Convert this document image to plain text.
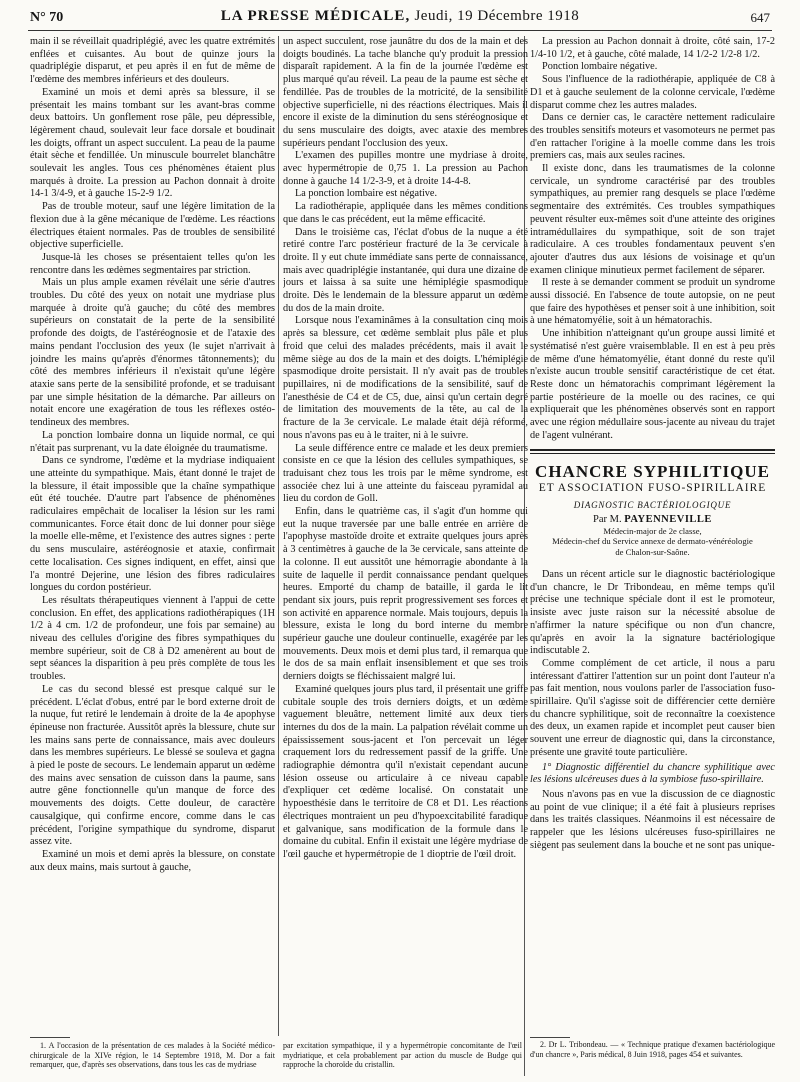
N° 70	LA PRESSE MÉDICALE, Jeudi, 19 Décembre 1918	647

main il se réveillait quadriplégié, avec les quatre extrémités enflées et cuisantes. Au bout de quinze jours la quadriplégie disparut, et peu après il en fut de même de l'œdème des membres inférieurs et des douleurs.

Examiné un mois et demi après sa blessure, il se présentait les mains tombant sur les avant-bras comme deux battoirs. Un gonflement rose pâle, peu dépressible, légèrement chaud, soulevait leur face dorsale et boudinait les doigts, offrant un aspect succulent. La peau de la paume était sèche et fendillée. Un minuscule bourrelet blanchâtre soulevait les angles. Tous ces phénomènes étaient plus marqués à droite. La pression au Pachon donnait à droite 14-1 3/4-9, et à gauche 15-2-9 1/2.

Pas de trouble moteur, sauf une légère limitation de la flexion due à la gêne mécanique de l'œdème. Les réactions électriques étaient normales. Pas de troubles de sensibilité objective superficielle.

Jusque-là les choses se présentaient telles qu'on les rencontre dans les œdèmes segmentaires par striction.

Mais un plus ample examen révélait une série d'autres troubles. Du côté des yeux on notait une mydriase plus marquée à droite qu'à gauche; du côté des membres supérieurs on constatait de la perte de la sensibilité profonde des doigts, de l'astéréognosie et de l'ataxie des mains pendant l'occlusion des yeux (le sujet n'arrivait à joindre les mains qu'après d'énormes tâtonnements); du côté des membres inférieurs il n'existait qu'une légère ataxie sans perte de la sensibilité profonde, et se traduisant par une simple hésitation de la démarche. Par ailleurs on notait encore une exagération de tous les réflexes ostéo-tendineux des membres.

La ponction lombaire donna un liquide normal, ce qui n'était pas surprenant, vu la date éloignée du traumatisme.

Dans ce syndrome, l'œdème et la mydriase indiquaient une atteinte du sympathique. Mais, étant donné le trajet de la blessure, il était impossible que la chaîne sympathique eût été touchée. D'autre part l'absence de phénomènes radiculaires empêchait de localiser la lésion sur les rami communicantes. Force était donc de lui donner pour siège la moelle elle-même, et l'existence des autres signes : perte du sens musculaire, astéréognosie et ataxie, confirmait cette localisation. Ces signes indiquent, en effet, ainsi que l'a montré Dejerine, une lésion des fibres radiculaires longues du cordon postérieur.

Les résultats thérapeutiques viennent à l'appui de cette conclusion. En effet, des applications radiothérapiques (1H 1/2 à 4 cm. 1/2 de profondeur, une fois par semaine) au niveau des cellules d'origine des fibres sympathiques du membre supérieur, soit de C8 à D2 amenèrent au bout de sept séances la disparition à peu près complète de tous les troubles.

Le cas du second blessé est presque calqué sur le précédent. L'éclat d'obus, entré par le bord externe droit de la nuque, fut retiré le lendemain à droite de la 4e apophyse épineuse non fracturée. Aussitôt après la blessure, chute sur les mains sans perte de connaissance, mais avec douleurs dans les membres supérieurs. Le blessé se souleva et gagna à pied le poste de secours. Le lendemain apparut un œdème des mains avec sensation de cuisson dans la paume, sans autre gêne fonctionnelle qu'un manque de force des mouvements des doigts. Cette douleur, de caractère causalgique, qui confirme encore, comme dans le cas précédent, l'origine sympathique du syndrome, disparut assez vite.

Examiné un mois et demi après la blessure, on constate aux deux mains, mais surtout à gauche,

un aspect succulent, rose jaunâtre du dos de la main et des doigts boudinés. La tache blanche qu'y produit la pression disparaît rapidement. A la fin de la journée l'œdème est plus marqué qu'au réveil. La peau de la paume est sèche et fendillée. Pas de troubles de la motricité, de la sensibilité objective superficielle, ni des réactions électriques. Mais il encore il existe de la diminution du sens stéréognosique et du sens musculaire des doigts, avec ataxie des membres supérieurs pendant l'occlusion des yeux.

L'examen des pupilles montre une mydriase à droite, avec hypermétropie de 0,75 1. La pression au Pachon donne à gauche 14 1/2-3-9, et à droite 14-4-8.

La ponction lombaire est négative.

La radiothérapie, appliquée dans les mêmes conditions que dans le cas précédent, eut la même efficacité.

Dans le troisième cas, l'éclat d'obus de la nuque a été retiré contre l'arc postérieur fracturé de la 3e cervicale à droite. Il y eut chute immédiate sans perte de connaissance, mais avec quadriplégie instantanée, qui dura une dizaine de jours et laissa à sa suite une hémiplégie spasmodique droite. Dès le lendemain de la blessure apparut un œdème du dos de la main droite.

Lorsque nous l'examinâmes à la consultation cinq mois après sa blessure, cet œdème semblait plus pâle et plus froid que celui des malades précédents, mais il avait le même siège au dos de la main et des doigts. L'hémiplégie spasmodique droite persistait. Il n'y avait pas de troubles pupillaires, ni de modifications de la sensibilité, sauf de l'anesthésie de C4 et de C5, due, ainsi qu'un certain degré de limitation des mouvements de la tête, au cal de la fracture de la 3e cervicale. Le malade était déjà réformé, nous n'avons pas eu à le traiter, ni à le suivre.

La seule différence entre ce malade et les deux premiers consiste en ce que la lésion des cellules sympathiques, se traduisant chez tous les trois par le même syndrome, est associée chez lui à une atteinte du faisceau pyramidal au lieu du cordon de Goll.

Enfin, dans le quatrième cas, il s'agit d'un homme qui eut la nuque traversée par une balle entrée en arrière de l'apophyse mastoïde droite et extraite quelques jours après à 3 centimètres à gauche de la 3e cervicale, sans atteinte de la colonne. Il eut aussitôt une hémorragie abondante à la suite de laquelle il perdit connaissance pendant quelques heures. Emporté du champ de bataille, il garda le lit pendant six jours, puis reprit progressivement ses forces et son activité en apparence normale. Mais toujours, depuis la blessure, exista le long du bord interne du membre supérieur gauche une douleur continuelle, exagérée par les mouvements. Deux mois et demi plus tard, il remarqua que le dos de sa main enflait insensiblement et que ses trois derniers doigts se fléchissaient malgré lui.

Examiné quelques jours plus tard, il présentait une griffe cubitale souple des trois derniers doigts, et un œdème vaguement bleuâtre, nettement limité aux deux tiers internes du dos de la main. La palpation révélait comme un épaississement sous-jacent et l'on percevait un léger craquement lors du redressement passif de la griffe. Une radiographie démontra qu'il n'existait cependant aucune lésion osseuse ou articulaire à ce niveau capable d'expliquer cet œdème localisé. On constatait une hypoesthésie dans le territoire de C8 et D1. Les réactions électriques montraient un peu d'hypoexcitabilité faradique et galvanique, sans modification de la formule dans le domaine du cubital. Enfin il existait une légère mydriase de l'œil gauche et hypermétropie de 1 dioptrie de l'œil droit.

La pression au Pachon donnait à droite, côté sain, 17-2 1/4-10 1/2, et à gauche, côté malade, 14 1/2-2 1/2-8 1/2.

Ponction lombaire négative.

Sous l'influence de la radiothérapie, appliquée de C8 à D1 et à gauche seulement de la colonne cervicale, l'œdème disparut comme chez les autres malades.

Dans ce dernier cas, le caractère nettement radiculaire des troubles sensitifs moteurs et vasomoteurs ne permet pas d'en rattacher l'origine à la moelle comme dans les trois premiers cas, mais aux seules racines.

Il existe donc, dans les traumatismes de la colonne cervicale, un syndrome caractérisé par des troubles sympathiques, au premier rang desquels se place l'œdème segmentaire des extrémités. Ces troubles sympathiques peuvent résulter eux-mêmes soit d'une atteinte des origines intramédullaires du sympathique, soit de son trajet radiculaire. A ces troubles fondamentaux peuvent s'en ajouter d'autres dus aux lésions de voisinage et qu'un examen clinique minutieux permet facilement de séparer.

Il reste à se demander comment se produit un syndrome aussi dissocié. En l'absence de toute autopsie, on ne peut que faire des hypothèses et penser soit à une inhibition, soit à une hématomyélie, soit à un hématorachis.

Une inhibition n'atteignant qu'un groupe aussi limité et systématisé n'est guère vraisemblable. Il en est à peu près de même d'une hématomyélie, étant donné du reste qu'il n'existe aucun trouble sensitif caractéristique de cet état. Reste donc un hématorachis comprimant légèrement la partie postérieure de la moelle ou des racines, ce qui expliquerait que les phénomènes observés sont en rapport avec une région médullaire sous-jacente au niveau du trajet de l'agent vulnérant.

CHANCRE SYPHILITIQUE
ET ASSOCIATION FUSO-SPIRILLAIRE
DIAGNOSTIC BACTÉRIOLOGIQUE
Par M. PAYENNEVILLE
Médecin-major de 2e classe,
Médecin-chef du Service annexe de dermato-vénéréologie
de Chalon-sur-Saône.

Dans un récent article sur le diagnostic bactériologique d'un chancre, le Dr Tribondeau, en même temps qu'il précise une technique spéciale dont il est le promoteur, insiste avec juste raison sur la nécessité absolue de n'affirmer la nature spécifique ou non d'un chancre, qu'après en avoir la la signature bactériologique indiscutable 2.

Comme complément de cet article, il nous a paru intéressant d'attirer l'attention sur un point dont l'auteur n'a pas fait mention, nous voulons parler de l'association fuso-spirillaire. Qu'il s'agisse soit de différencier cette dernière du chancre syphilitique, soit de reconnaître la coexistence des deux, un examen rapide et incomplet peut causer bien souvent une erreur de diagnostic qui, dans la circonstance, présente une gravité toute particulière.

1° Diagnostic différentiel du chancre syphilitique avec les lésions ulcéreuses dues à la symbiose fuso-spirillaire.

Nous n'avons pas en vue la discussion de ce diagnostic au point de vue clinique; il a été fait à plusieurs reprises dans les traités classiques. Néanmoins il est nécessaire de rappeler que les lésions ulcéreuses fuso-spirillaires ne siègent pas seulement dans la bouche et ne sont pas unique-

1. A l'occasion de la présentation de ces malades à la Société médico-chirurgicale de la XIVe région, le 14 Septembre 1918, M. Dor a fait remarquer, que, d'après ses observations, dans tous les cas de mydriase

par excitation sympathique, il y a hypermétropie concomitante de l'œil mydriatique, et cela probablement par action du muscle de Budge qui rapproche la choroïde du cristallin.

2. Dr L. Tribondeau. — « Technique pratique d'examen bactériologique d'un chancre », Paris médical, 8 Juin 1918, pages 454 et suivantes.
